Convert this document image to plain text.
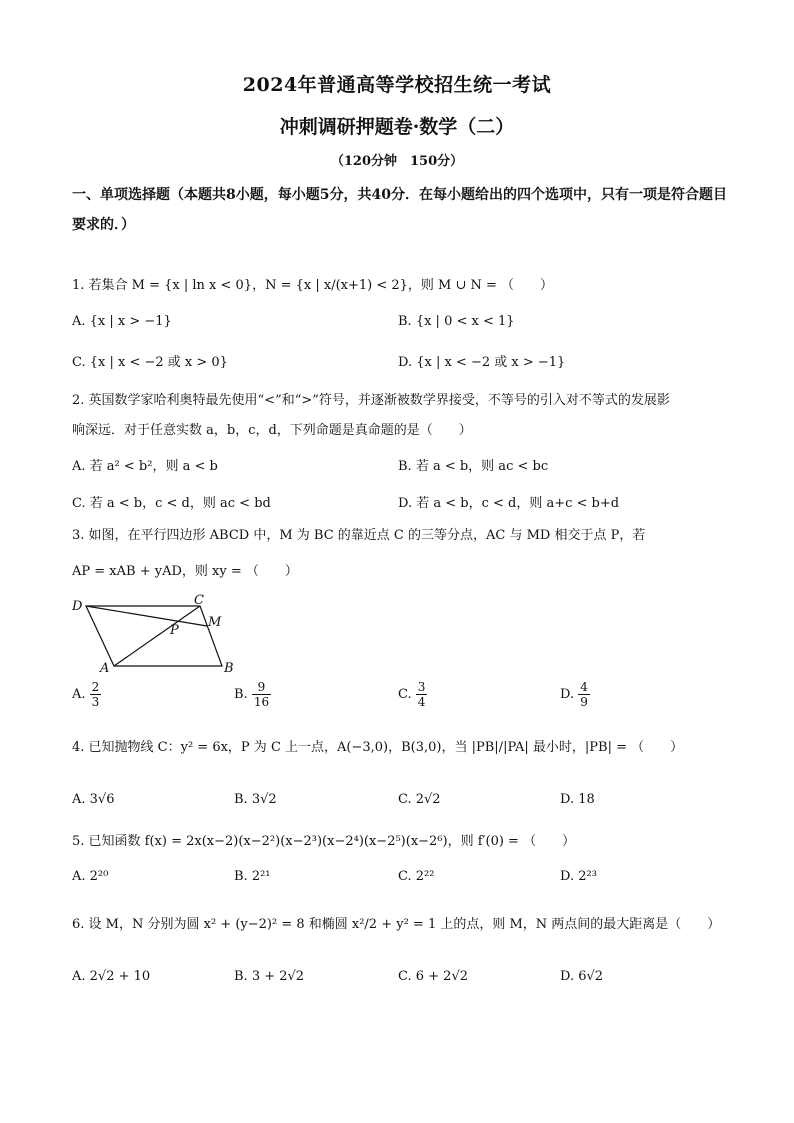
2024年普通高等学校招生统一考试
冲刺调研押题卷·数学（二）
（120分钟　150分）
一、单项选择题（本题共8小题，每小题5分，共40分．在每小题给出的四个选项中，只有一项是符合题目要求的．）
1. 若集合 M = {x | ln x < 0}，N = {x | x/(x+1) < 2}，则 M ∪ N = （　　）
A. {x | x > −1}	B. {x | 0 < x < 1}
C. {x | x < −2 或 x > 0}	D. {x | x < −2 或 x > −1}
2. 英国数学家哈利奥特最先使用“<”和“>”符号，并逐渐被数学界接受，不等号的引入对不等式的发展影
响深远．对于任意实数 a，b，c，d，下列命题是真命题的是（　　）
A. 若 a² < b²，则 a < b	B. 若 a < b，则 ac < bc
C. 若 a < b，c < d，则 ac < bd	D. 若 a < b，c < d，则 a+c < b+d
3. 如图，在平行四边形 ABCD 中，M 为 BC 的靠近点 C 的三等分点，AC 与 MD 相交于点 P，若
AP = xAB + yAD，则 xy = （　　）
D	C
M
P
A	B
A. $\frac{2}{3}$	B. $\frac{9}{16}$	C. $\frac{3}{4}$	D. $\frac{4}{9}$
4. 已知抛物线 C：y² = 6x，P 为 C 上一点，A(−3,0)，B(3,0)，当 |PB|/|PA| 最小时，|PB| = （　　）
A. 3√6	B. 3√2	C. 2√2	D. 18
5. 已知函数 f(x) = 2x(x−2)(x−2²)(x−2³)(x−2⁴)(x−2⁵)(x−2⁶)，则 f′(0) = （　　）
A. 2²⁰	B. 2²¹	C. 2²²	D. 2²³
6. 设 M，N 分别为圆 x² + (y−2)² = 8 和椭圆 x²/2 + y² = 1 上的点，则 M，N 两点间的最大距离是（　　）
A. 2√2 + 10	B. 3 + 2√2	C. 6 + 2√2	D. 6√2
